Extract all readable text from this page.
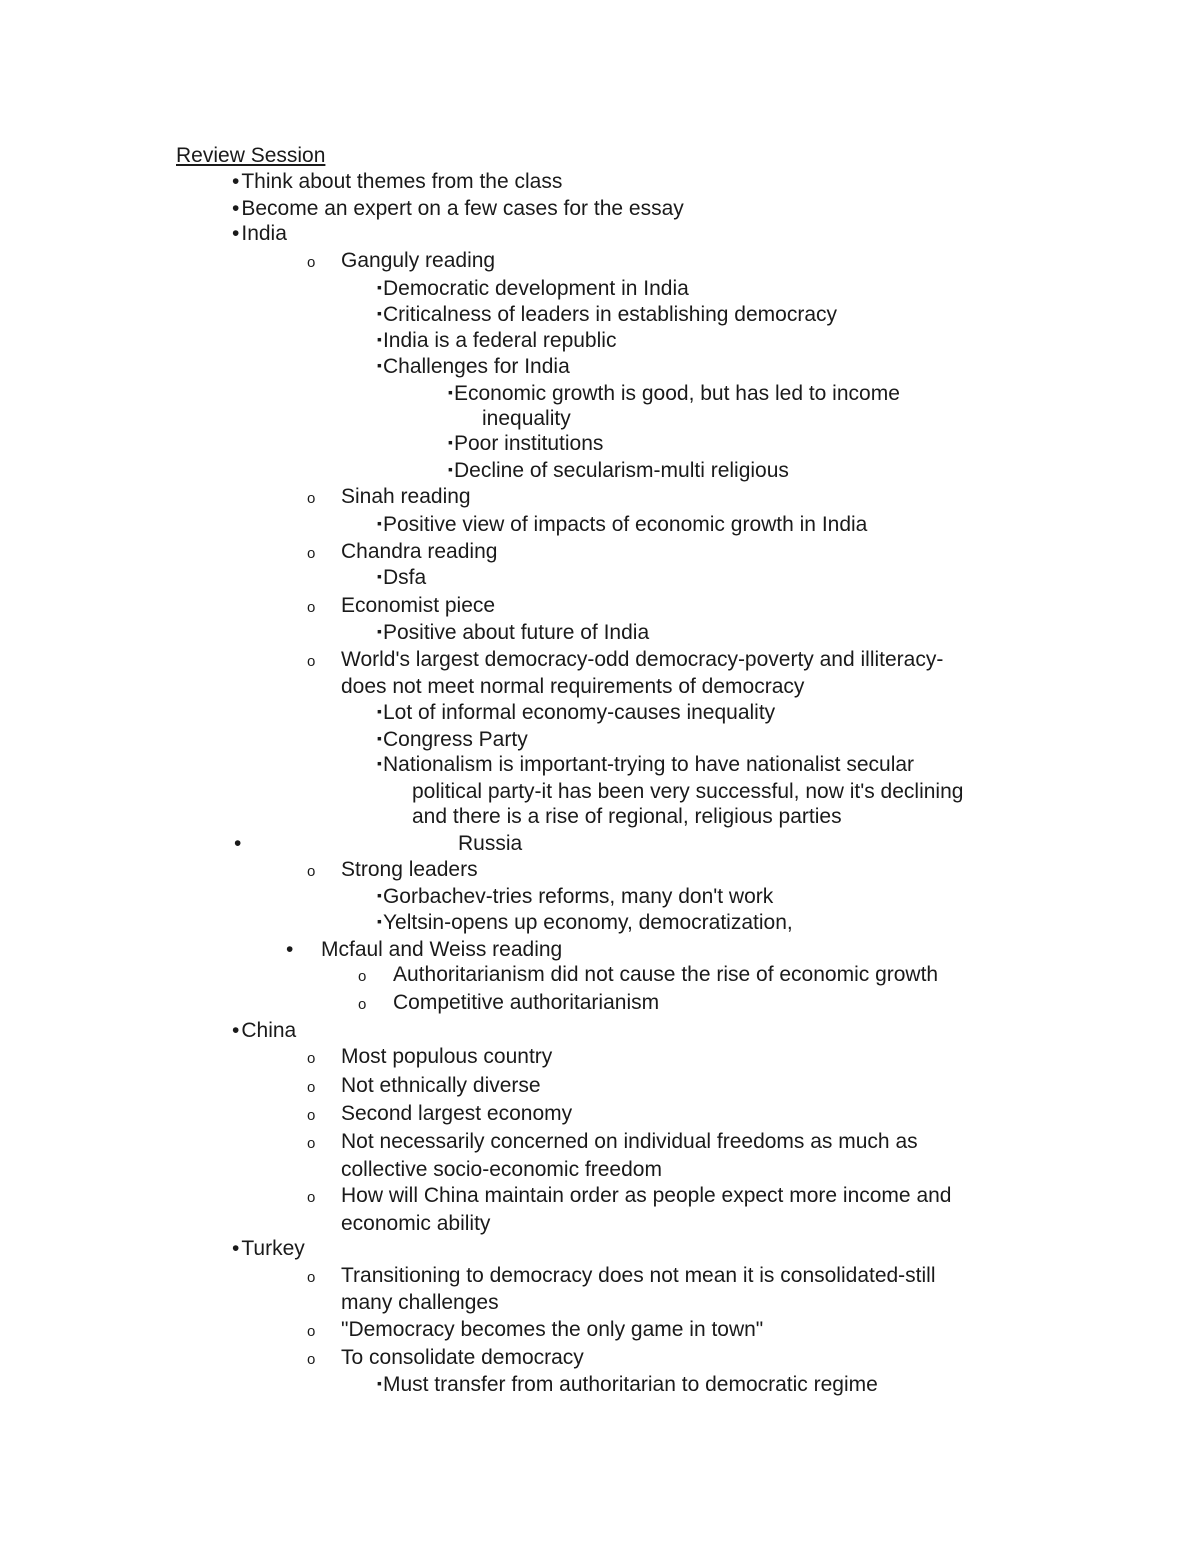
Review Session
• Think about themes from the class
• Become an expert on a few cases for the essay
• India
o Ganguly reading
▪ Democratic development in India
▪ Criticalness of leaders in establishing democracy
▪ India is a federal republic
▪ Challenges for India
▪ Economic growth is good, but has led to income
inequality
▪ Poor institutions
▪ Decline of secularism-multi religious
o Sinah reading
▪ Positive view of impacts of economic growth in India
o Chandra reading
▪ Dsfa
o Economist piece
▪ Positive about future of India
o World's largest democracy-odd democracy-poverty and illiteracy-
does not meet normal requirements of democracy
▪ Lot of informal economy-causes inequality
▪ Congress Party
▪ Nationalism is important-trying to have nationalist secular
political party-it has been very successful, now it's declining
and there is a rise of regional, religious parties
•	Russia
o Strong leaders
▪ Gorbachev-tries reforms, many don't work
▪ Yeltsin-opens up economy, democratization,
• Mcfaul and Weiss reading
o Authoritarianism did not cause the rise of economic growth
o Competitive authoritarianism
• China
o Most populous country
o Not ethnically diverse
o Second largest economy
o Not necessarily concerned on individual freedoms as much as
collective socio-economic freedom
o How will China maintain order as people expect more income and
economic ability
• Turkey
o Transitioning to democracy does not mean it is consolidated-still
many challenges
o "Democracy becomes the only game in town"
o To consolidate democracy
▪ Must transfer from authoritarian to democratic regime
